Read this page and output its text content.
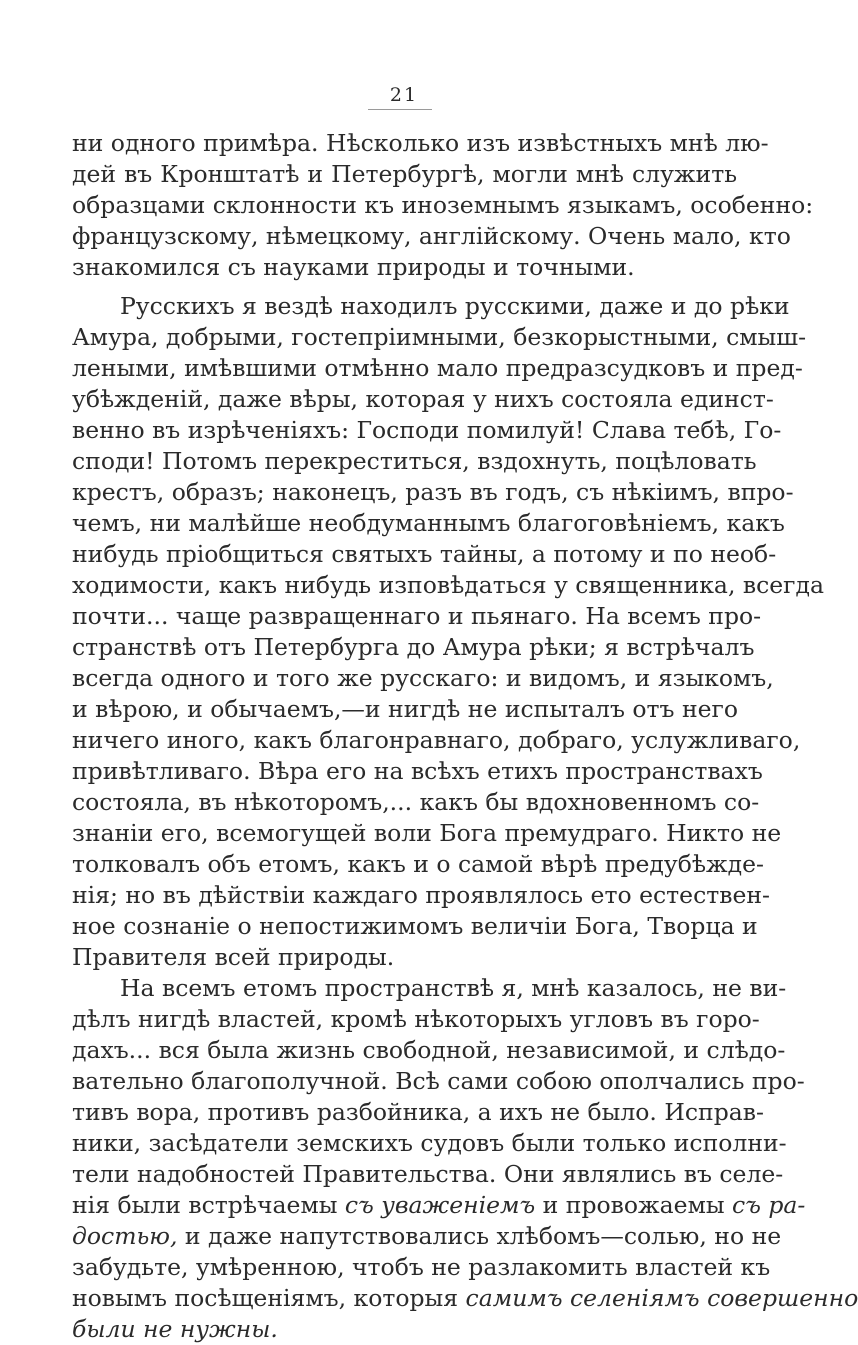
21
ни одного примѣра. Нѣсколько изъ извѣстныхъ мнѣ лю-
дей въ Кронштатѣ и Петербургѣ, могли мнѣ служить
образцами склонности къ иноземнымъ языкамъ, особенно:
французскому, нѣмецкому, англійскому. Очень мало, кто
знакомился съ науками природы и точными.
Русскихъ я вездѣ находилъ русскими, даже и до рѣки
Амура, добрыми, гостепріимными, безкорыстными, смыш-
леными, имѣвшими отмѣнно мало предразсудковъ и пред-
убѣжденій, даже вѣры, которая у нихъ состояла единст-
венно въ изрѣченіяхъ: Господи помилуй! Слава тебѣ, Го-
споди! Потомъ перекреститься, вздохнуть, поцѣловать
крестъ, образъ; наконецъ, разъ въ годъ, съ нѣкіимъ, впро-
чемъ, ни малѣйше необдуманнымъ благоговѣніемъ, какъ
нибудь пріобщиться святыхъ тайны, а потому и по необ-
ходимости, какъ нибудь изповѣдаться у священника, всегда
почти... чаще развращеннаго и пьянаго. На всемъ про-
странствѣ отъ Петербурга до Амура рѣки; я встрѣчалъ
всегда одного и того же русскаго: и видомъ, и языкомъ,
и вѣрою, и обычаемъ,—и нигдѣ не испыталъ отъ него
ничего иного, какъ благонравнаго, добраго, услужливаго,
привѣтливаго. Вѣра его на всѣхъ етихъ пространствахъ
состояла, въ нѣкоторомъ,... какъ бы вдохновенномъ со-
знаніи его, всемогущей воли Бога премудраго. Никто не
толковалъ объ етомъ, какъ и о самой вѣрѣ предубѣжде-
нія; но въ дѣйствіи каждаго проявлялось ето естествен-
ное сознаніе о непостижимомъ величіи Бога, Творца и
Правителя всей природы.
На всемъ етомъ пространствѣ я, мнѣ казалось, не ви-
дѣлъ нигдѣ властей, кромѣ нѣкоторыхъ угловъ въ горо-
дахъ... вся была жизнь свободной, независимой, и слѣдо-
вательно благополучной. Всѣ сами собою ополчались про-
тивъ вора, противъ разбойника, а ихъ не было. Исправ-
ники, засѣдатели земскихъ судовъ были только исполни-
тели надобностей Правительства. Они являлись въ селе-
нія были встрѣчаемы съ уваженіемъ и провожаемы съ ра-
достью, и даже напутствовались хлѣбомъ—солью, но не
забудьте, умѣренною, чтобъ не разлакомить властей къ
новымъ посѣщеніямъ, которыя самимъ селеніямъ совершенно
были не нужны.
